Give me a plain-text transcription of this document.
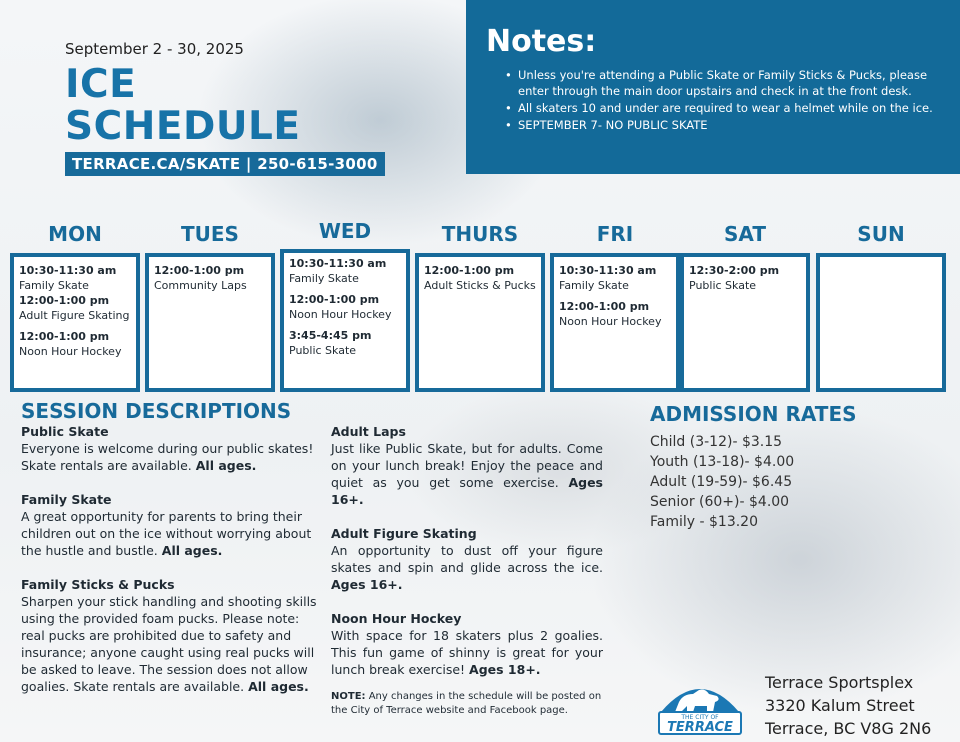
September 2 - 30, 2025
ICE
SCHEDULE
TERRACE.CA/SKATE | 250-615-3000
Notes:
• Unless you're attending a Public Skate or Family Sticks & Pucks, please enter through the main door upstairs and check in at the front desk.
• All skaters 10 and under are required to wear a helmet while on the ice.
• SEPTEMBER 7- NO PUBLIC SKATE
MON
10:30-11:30 am
Family Skate
12:00-1:00 pm
Adult Figure Skating
12:00-1:00 pm
Noon Hour Hockey
TUES
12:00-1:00 pm
Community Laps
WED
10:30-11:30 am
Family Skate
12:00-1:00 pm
Noon Hour Hockey
3:45-4:45 pm
Public Skate
THURS
12:00-1:00 pm
Adult Sticks & Pucks
FRI
10:30-11:30 am
Family Skate
12:00-1:00 pm
Noon Hour Hockey
SAT
12:30-2:00 pm
Public Skate
SUN
SESSION DESCRIPTIONS
Public Skate
Everyone is welcome during our public skates! Skate rentals are available. All ages.
Family Skate
A great opportunity for parents to bring their children out on the ice without worrying about the hustle and bustle. All ages.
Family Sticks & Pucks
Sharpen your stick handling and shooting skills using the provided foam pucks. Please note: real pucks are prohibited due to safety and insurance; anyone caught using real pucks will be asked to leave. The session does not allow goalies. Skate rentals are available. All ages.
Adult Laps
Just like Public Skate, but for adults. Come on your lunch break! Enjoy the peace and quiet as you get some exercise. Ages 16+.
Adult Figure Skating
An opportunity to dust off your figure skates and spin and glide across the ice. Ages 16+.
Noon Hour Hockey
With space for 18 skaters plus 2 goalies. This fun game of shinny is great for your lunch break exercise! Ages 18+.
NOTE: Any changes in the schedule will be posted on the City of Terrace website and Facebook page.
ADMISSION RATES
Child (3-12)- $3.15
Youth (13-18)- $4.00
Adult (19-59)- $6.45
Senior (60+)- $4.00
Family - $13.20
THE CITY OF
TERRACE
Terrace Sportsplex
3320 Kalum Street
Terrace, BC V8G 2N6
